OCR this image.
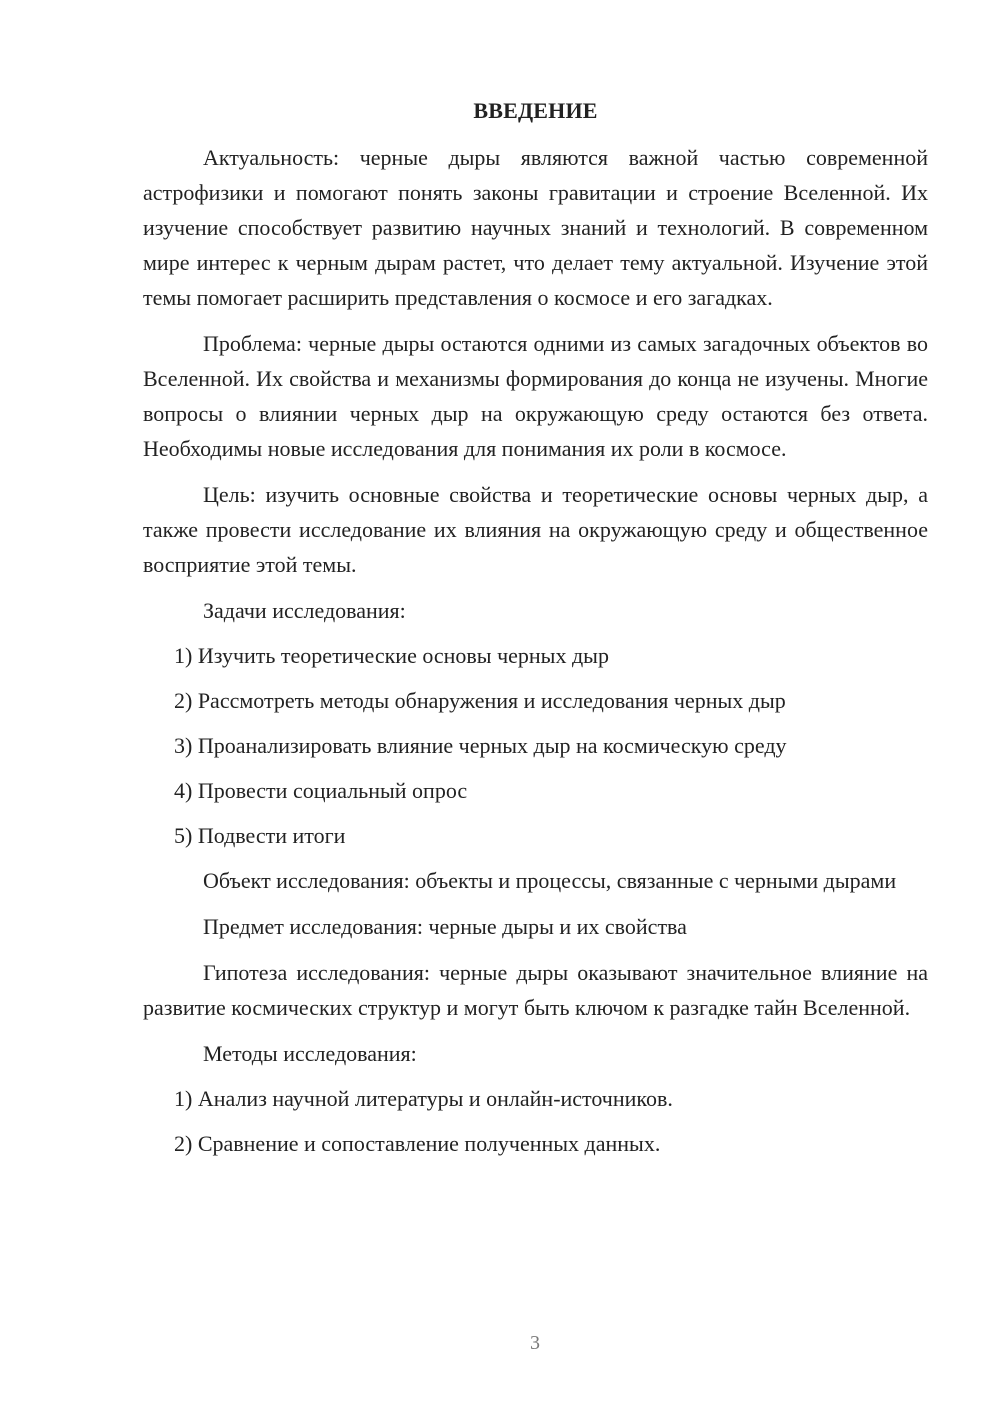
ВВЕДЕНИЕ

Актуальность: черные дыры являются важной частью современной астрофизики и помогают понять законы гравитации и строение Вселенной. Их изучение способствует развитию научных знаний и технологий. В современном мире интерес к черным дырам растет, что делает тему актуальной. Изучение этой темы помогает расширить представления о космосе и его загадках.

Проблема: черные дыры остаются одними из самых загадочных объектов во Вселенной. Их свойства и механизмы формирования до конца не изучены. Многие вопросы о влиянии черных дыр на окружающую среду остаются без ответа. Необходимы новые исследования для понимания их роли в космосе.

Цель: изучить основные свойства и теоретические основы черных дыр, а также провести исследование их влияния на окружающую среду и общественное восприятие этой темы.

Задачи исследования:

1) Изучить теоретические основы черных дыр
2) Рассмотреть методы обнаружения и исследования черных дыр
3) Проанализировать влияние черных дыр на космическую среду
4) Провести социальный опрос
5) Подвести итоги

Объект исследования: объекты и процессы, связанные с черными дырами

Предмет исследования: черные дыры и их свойства

Гипотеза исследования: черные дыры оказывают значительное влияние на развитие космических структур и могут быть ключом к разгадке тайн Вселенной.

Методы исследования:

1) Анализ научной литературы и онлайн-источников.
2) Сравнение и сопоставление полученных данных.
3
